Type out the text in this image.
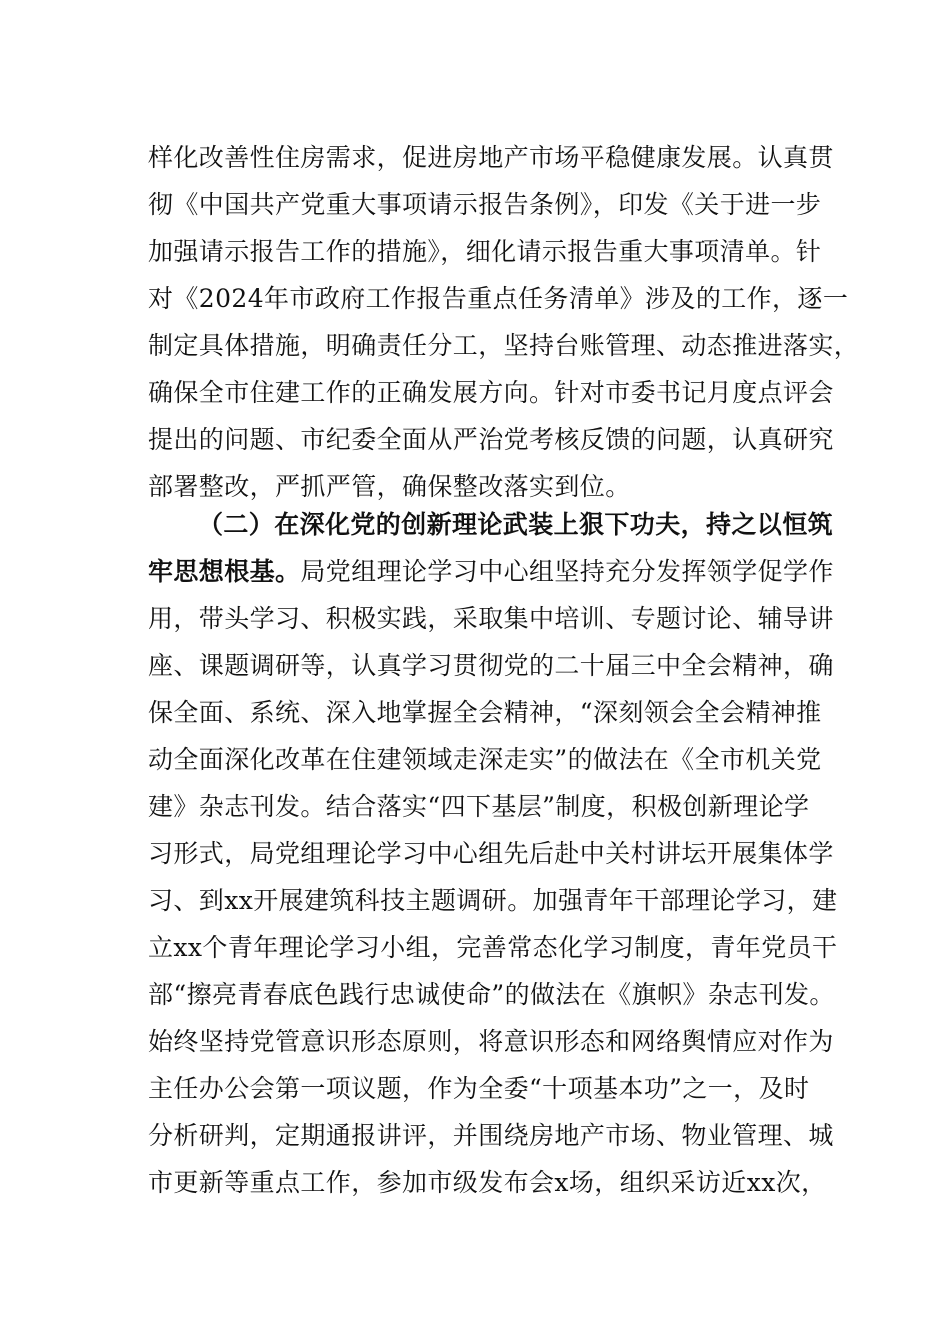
样化改善性住房需求，促进房地产市场平稳健康发展。认真贯
彻《中国共产党重大事项请示报告条例》，印发《关于进一步
加强请示报告工作的措施》，细化请示报告重大事项清单。针
对《2024年市政府工作报告重点任务清单》涉及的工作，逐一
制定具体措施，明确责任分工，坚持台账管理、动态推进落实，
确保全市住建工作的正确发展方向。针对市委书记月度点评会
提出的问题、市纪委全面从严治党考核反馈的问题，认真研究
部署整改，严抓严管，确保整改落实到位。
（二）在深化党的创新理论武装上狠下功夫，持之以恒筑
牢思想根基。局党组理论学习中心组坚持充分发挥领学促学作
用，带头学习、积极实践，采取集中培训、专题讨论、辅导讲
座、课题调研等，认真学习贯彻党的二十届三中全会精神，确
保全面、系统、深入地掌握全会精神，“深刻领会全会精神推
动全面深化改革在住建领域走深走实”的做法在《全市机关党
建》杂志刊发。结合落实“四下基层”制度，积极创新理论学
习形式，局党组理论学习中心组先后赴中关村讲坛开展集体学
习、到xx开展建筑科技主题调研。加强青年干部理论学习，建
立xx个青年理论学习小组，完善常态化学习制度，青年党员干
部“擦亮青春底色践行忠诚使命”的做法在《旗帜》杂志刊发。
始终坚持党管意识形态原则，将意识形态和网络舆情应对作为
主任办公会第一项议题，作为全委“十项基本功”之一，及时
分析研判，定期通报讲评，并围绕房地产市场、物业管理、城
市更新等重点工作，参加市级发布会x场，组织采访近xx次，
